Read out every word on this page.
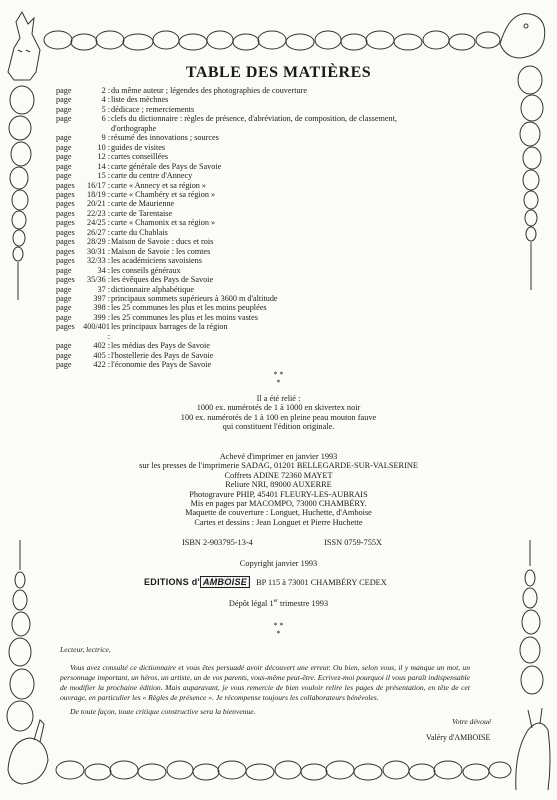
TABLE DES MATIÈRES
page	2 : du même auteur ; légendes des photographies de couverture
page	4 : liste des mèchnes
page	5 : dédicace ; remerciements
page	6 : clefs du dictionnaire : règles de présence, d'abréviation, de composition, de classement,
d'orthographe
page	9 : résumé des innovations ; sources
page	10 : guides de visites
page	12 : cartes conseillées
page	14 : carte générale des Pays de Savoie
page	15 : carte du centre d'Annecy
pages	16/17 : carte « Annecy et sa région »
pages	18/19 : carte « Chambéry et sa région »
pages	20/21 : carte de Maurienne
pages	22/23 : carte de Tarentaise
pages	24/25 : carte « Chamonix et sa région »
pages	26/27 : carte du Chablais
pages	28/29 : Maison de Savoie : ducs et rois
pages	30/31 : Maison de Savoie : les comtes
pages	32/33 : les académiciens savoisiens
page	34 : les conseils généraux
pages	35/36 : les évêques des Pays de Savoie
page	37 : dictionnaire alphabétique
page	397 : principaux sommets supérieurs à 3600 m d'altitude
page	398 : les 25 communes les plus et les moins peuplées
page	399 : les 25 communes les plus et les moins vastes
pages	400/401 :
les principaux barrages de la région
page	402 : les médias des Pays de Savoie
page	405 : l'hostellerie des Pays de Savoie
page	422 : l'économie des Pays de Savoie
* *
*
Il a été relié :
1000 ex. numérotés de 1 à 1000 en skivertex noir
100 ex. numérotés de 1 à 100 en pleine peau mouton fauve
qui constituent l'édition originale.
Achevé d'imprimer en janvier 1993
sur les presses de l'imprimerie SADAG, 01201 BELLEGARDE-SUR-VALSERINE
Coffrets ADINE 72360 MAYET
Reliure NRI, 89000 AUXERRE
Photogravure PHIP, 45401 FLEURY-LES-AUBRAIS
Mis en pages par MACOMPO, 73000 CHAMBÉRY.
Maquette de couverture : Longuet, Huchette, d'Amboise
Cartes et dessins : Jean Longuet et Pierre Huchette
ISBN 2-903795-13-4	ISSN 0759-755X
Copyright janvier 1993
EDITIONS d' AMBOISE	BP 115 à 73001 CHAMBÉRY CEDEX
Dépôt légal 1er trimestre 1993
* *
*

Lecteur, lectrice,

Vous avez consulté ce dictionnaire et vous êtes persuadé avoir découvert une erreur. Ou bien, selon vous, il y manque un mot, un personnage important, un héros, un artiste, un de vos parents, vous-même peut-être. Ecrivez-moi pourquoi il vous paraît indispensable de modifier la prochaine édition. Mais auparavant, je vous remercie de bien vouloir relire les pages de présentation, en tête de cet ouvrage, en particulier les « Règles de présence ». Je récompense toujours les collaborateurs bénévoles.

De toute façon, toute critique constructive sera la bienvenue.

Votre dévoué
Valéry d'AMBOISE
